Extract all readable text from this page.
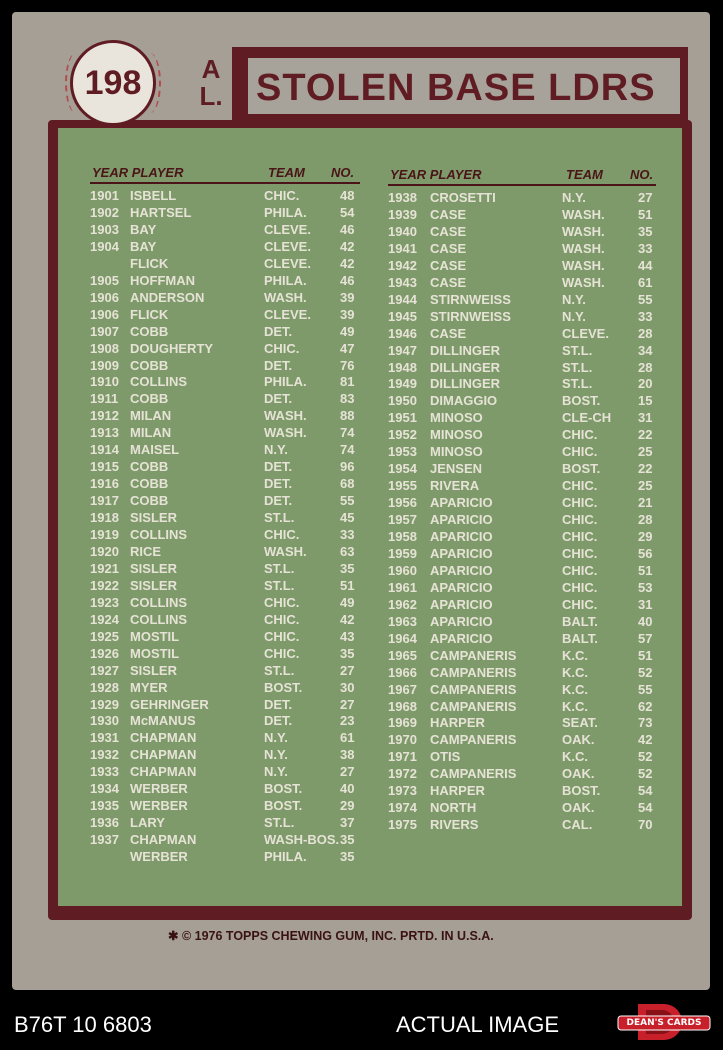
STOLEN BASE LDRS
A
L.
198
YEAR PLAYER	TEAM NO.	YEAR PLAYER	TEAM NO.
1901 ISBELL	CHIC.	48
1902 HARTSEL	PHILA.	54
1903 BAY	CLEVE. 46
1904 BAY	CLEVE. 42
FLICK	CLEVE. 42
1905 HOFFMAN	PHILA.	46
1906 ANDERSON	WASH.	39
1906 FLICK	CLEVE. 39
1907 COBB	DET.	49
1908 DOUGHERTY	CHIC.	47
1909 COBB	DET.	76
1910 COLLINS	PHILA.	81
1911 COBB	DET.	83
1912 MILAN	WASH.	88
1913 MILAN	WASH.	74
1914 MAISEL	N.Y.	74
1915 COBB	DET.	96
1916 COBB	DET.	68
1917 COBB	DET.	55
1918 SISLER	ST.L.	45
1919 COLLINS	CHIC.	33
1920 RICE	WASH.	63
1921 SISLER	ST.L.	35
1922 SISLER	ST.L.	51
1923 COLLINS	CHIC.	49
1924 COLLINS	CHIC.	42
1925 MOSTIL	CHIC.	43
1926 MOSTIL	CHIC.	35
1927 SISLER	ST.L.	27
1928 MYER	BOST.	30
1929 GEHRINGER	DET.	27
1930 McMANUS	DET.	23
1931 CHAPMAN	N.Y.	61
1932 CHAPMAN	N.Y.	38
1933 CHAPMAN	N.Y.	27
1934 WERBER	BOST.	40
1935 WERBER	BOST.	29
1936 LARY	ST.L.	37
1937 CHAPMAN	WASH-BOS. 35
WERBER	PHILA.	35
1938 CROSETTI	N.Y.	27
1939 CASE	WASH.	51
1940 CASE	WASH.	35
1941 CASE	WASH.	33
1942 CASE	WASH.	44
1943 CASE	WASH.	61
1944 STIRNWEISS	N.Y.	55
1945 STIRNWEISS	N.Y.	33
1946 CASE	CLEVE. 28
1947 DILLINGER	ST.L.	34
1948 DILLINGER	ST.L.	28
1949 DILLINGER	ST.L.	20
1950 DIMAGGIO	BOST.	15
1951 MINOSO	CLE-CH 31
1952 MINOSO	CHIC.	22
1953 MINOSO	CHIC.	25
1954 JENSEN	BOST.	22
1955 RIVERA	CHIC.	25
1956 APARICIO	CHIC.	21
1957 APARICIO	CHIC.	28
1958 APARICIO	CHIC.	29
1959 APARICIO	CHIC.	56
1960 APARICIO	CHIC.	51
1961 APARICIO	CHIC.	53
1962 APARICIO	CHIC.	31
1963 APARICIO	BALT.	40
1964 APARICIO	BALT.	57
1965 CAMPANERIS	K.C.	51
1966 CAMPANERIS	K.C.	52
1967 CAMPANERIS	K.C.	55
1968 CAMPANERIS	K.C.	62
1969 HARPER	SEAT.	73
1970 CAMPANERIS	OAK.	42
1971 OTIS	K.C.	52
1972 CAMPANERIS	OAK.	52
1973 HARPER	BOST.	54
1974 NORTH	OAK.	54
1975 RIVERS	CAL.	70
✱ © 1976 TOPPS CHEWING GUM, INC. PRTD. IN U.S.A.
B76T 10 6803	ACTUAL IMAGE	DEAN'S CARDS
